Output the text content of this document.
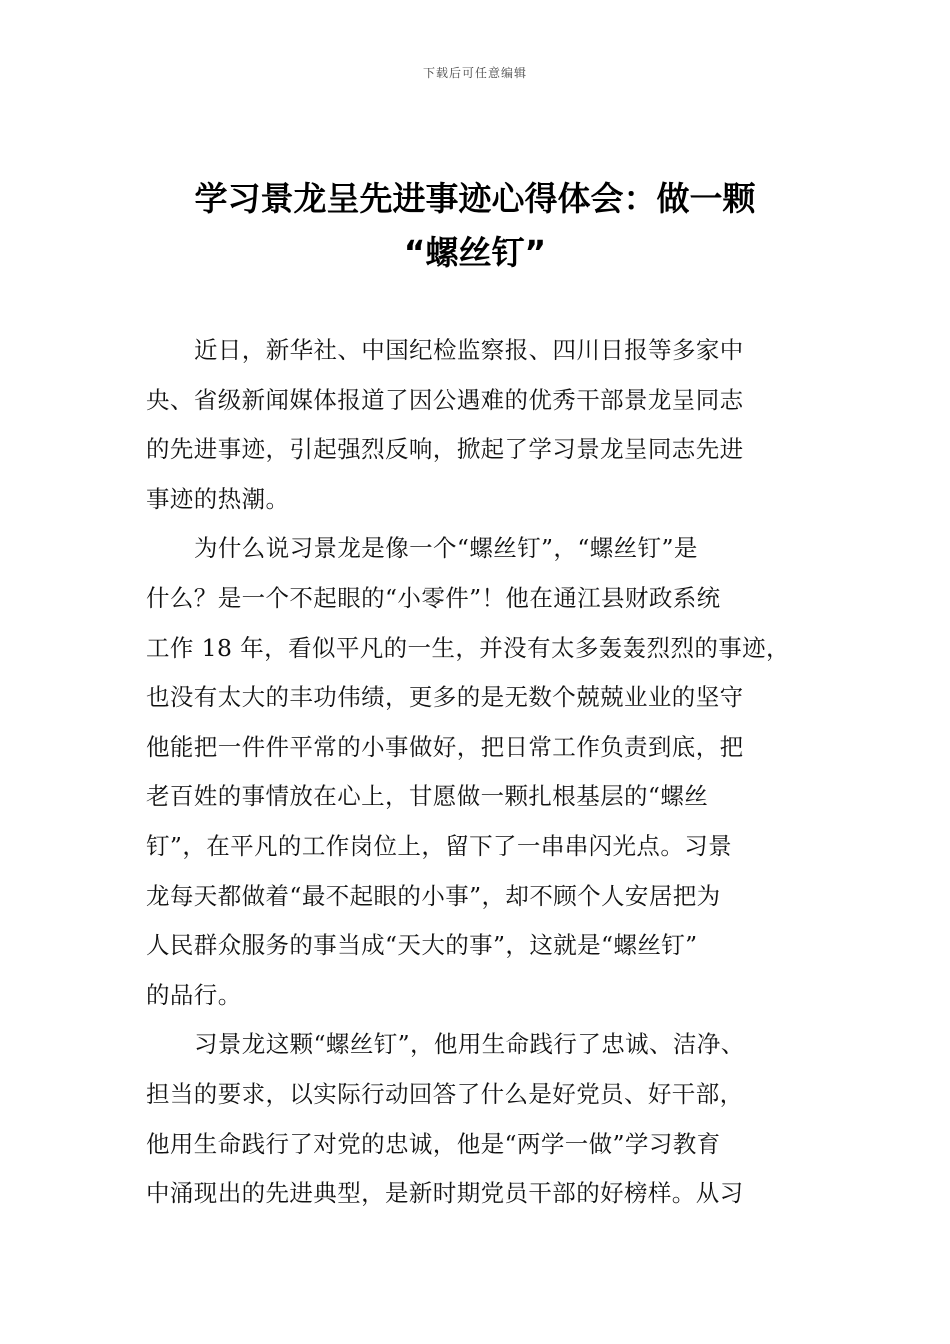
下载后可任意编辑
学习景龙呈先进事迹心得体会：做一颗
“螺丝钉”
近日，新华社、中国纪检监察报、四川日报等多家中
央、省级新闻媒体报道了因公遇难的优秀干部景龙呈同志
的先进事迹，引起强烈反响，掀起了学习景龙呈同志先进
事迹的热潮。
为什么说习景龙是像一个“螺丝钉”，“螺丝钉”是
什么？是一个不起眼的“小零件”！他在通江县财政系统
工作 18 年，看似平凡的一生，并没有太多轰轰烈烈的事迹，
也没有太大的丰功伟绩，更多的是无数个兢兢业业的坚守
他能把一件件平常的小事做好，把日常工作负责到底，把
老百姓的事情放在心上，甘愿做一颗扎根基层的“螺丝
钉”，在平凡的工作岗位上，留下了一串串闪光点。习景
龙每天都做着“最不起眼的小事”，却不顾个人安居把为
人民群众服务的事当成“天大的事”，这就是“螺丝钉”
的品行。
习景龙这颗“螺丝钉”，他用生命践行了忠诚、洁净、
担当的要求，以实际行动回答了什么是好党员、好干部，
他用生命践行了对党的忠诚，他是“两学一做”学习教育
中涌现出的先进典型，是新时期党员干部的好榜样。从习
